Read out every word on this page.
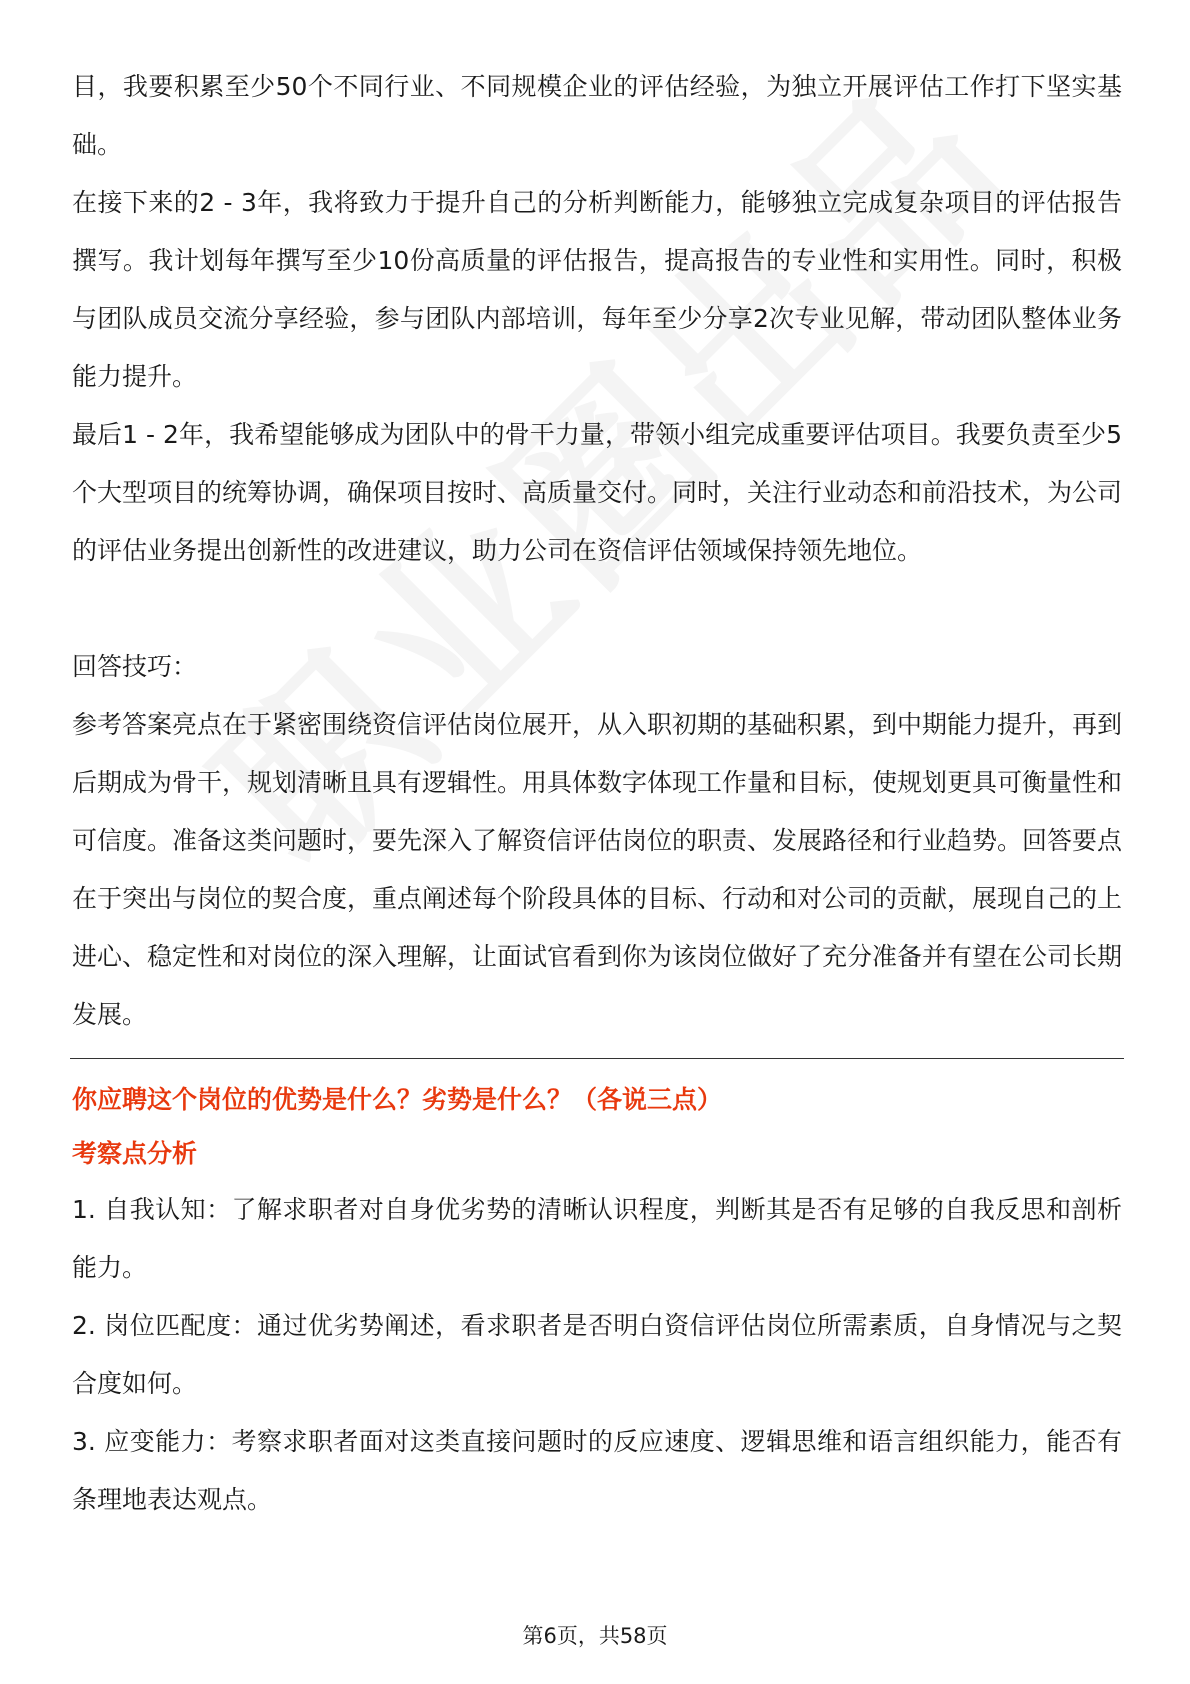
目，我要积累至少50个不同行业、不同规模企业的评估经验，为独立开展评估工作打下坚实基础。

在接下来的2 - 3年，我将致力于提升自己的分析判断能力，能够独立完成复杂项目的评估报告撰写。我计划每年撰写至少10份高质量的评估报告，提高报告的专业性和实用性。同时，积极与团队成员交流分享经验，参与团队内部培训，每年至少分享2次专业见解，带动团队整体业务能力提升。

最后1 - 2年，我希望能够成为团队中的骨干力量，带领小组完成重要评估项目。我要负责至少5个大型项目的统筹协调，确保项目按时、高质量交付。同时，关注行业动态和前沿技术，为公司的评估业务提出创新性的改进建议，助力公司在资信评估领域保持领先地位。

回答技巧：

参考答案亮点在于紧密围绕资信评估岗位展开，从入职初期的基础积累，到中期能力提升，再到后期成为骨干，规划清晰且具有逻辑性。用具体数字体现工作量和目标，使规划更具可衡量性和可信度。准备这类问题时，要先深入了解资信评估岗位的职责、发展路径和行业趋势。回答要点在于突出与岗位的契合度，重点阐述每个阶段具体的目标、行动和对公司的贡献，展现自己的上进心、稳定性和对岗位的深入理解，让面试官看到你为该岗位做好了充分准备并有望在公司长期发展。

你应聘这个岗位的优势是什么？劣势是什么？（各说三点）

考察点分析

1. 自我认知：了解求职者对自身优劣势的清晰认识程度，判断其是否有足够的自我反思和剖析能力。

2. 岗位匹配度：通过优劣势阐述，看求职者是否明白资信评估岗位所需素质，自身情况与之契合度如何。

3. 应变能力：考察求职者面对这类直接问题时的反应速度、逻辑思维和语言组织能力，能否有条理地表达观点。

第6页，共58页
